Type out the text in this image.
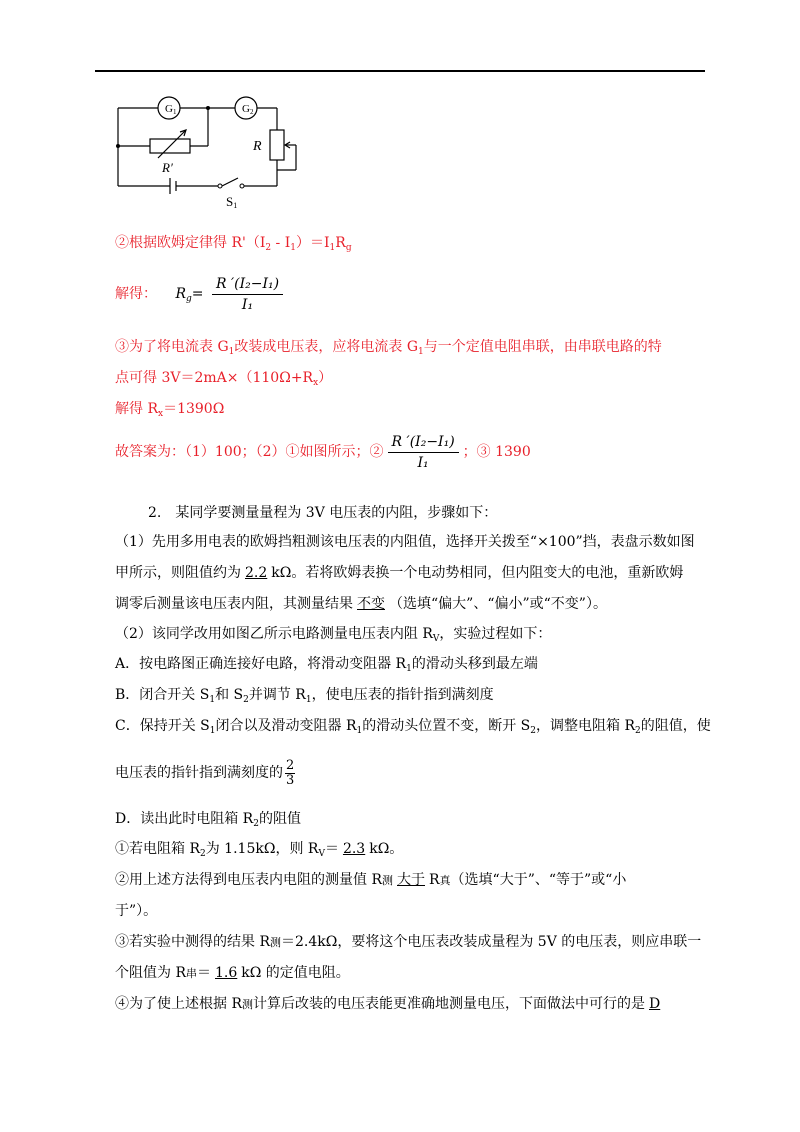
G1	G2
R
R′
S1
②根据欧姆定律得 $R'(I_2 - I_1)=I_1R_g$
解得： $R_g= \frac{\text{R ′(I₂−I₁)}}{\text{I₁}}$
③为了将电流表 $G_1$改装成电压表，应将电流表 $G_1$与一个定值电阻串联，由串联电路的特
点可得 $3V=2mA\times(110\Omega+R_x)$
解得 $R_x=1390\Omega$
故答案为：（1）100；（2）①如图所示；② $\frac{\text{R ′(I₂−I₁)}}{\text{I₁}}$ ；③ 1390
2.　某同学要测量量程为 3V 电压表的内阻，步骤如下：
（1）先用多用电表的欧姆挡粗测该电压表的内阻值，选择开关拨至“×100”挡，表盘示数如图
甲所示，则阻值约为 2.2 kΩ。若将欧姆表换一个电动势相同，但内阻变大的电池，重新欧姆
调零后测量该电压表内阻，其测量结果 不变 （选填“偏大”、“偏小”或“不变”）。
（2）该同学改用如图乙所示电路测量电压表内阻 $R_V$，实验过程如下：
A．按电路图正确连接好电路，将滑动变阻器 $R_1$的滑动头移到最左端
B．闭合开关 $S_1$和 $S_2$并调节 $R_1$，使电压表的指针指到满刻度
C．保持开关 $S_1$闭合以及滑动变阻器 $R_1$的滑动头位置不变，断开 $S_2$，调整电阻箱 $R_2$的阻值，使
电压表的指针指到满刻度的 $\frac{2}{3}$
D．读出此时电阻箱 $R_2$的阻值
①若电阻箱 $R_2$为 1.15kΩ，则 $R_V= 2.3$ kΩ。
②用上述方法得到电压表内电阻的测量值 R测 大于 R真（选填“大于”、“等于”或“小
于”）。
③若实验中测得的结果 R测＝2.4kΩ，要将这个电压表改装成量程为 5V 的电压表，则应串联一
个阻值为 R串＝ 1.6 kΩ 的定值电阻。
④为了使上述根据 R测计算后改装的电压表能更准确地测量电压，下面做法中可行的是 D
